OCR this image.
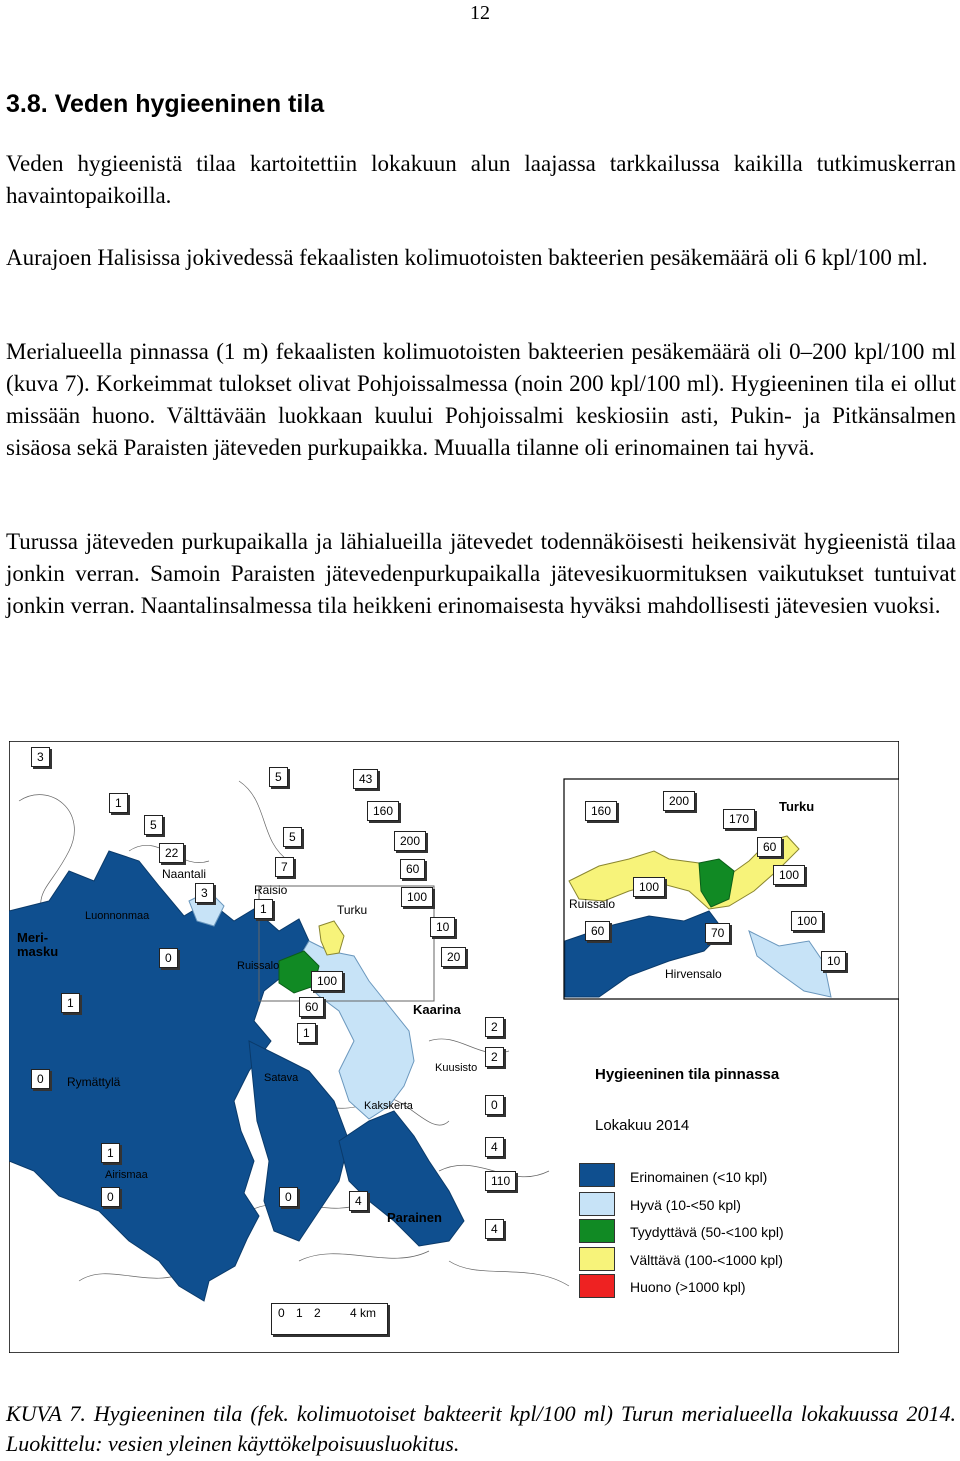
12
3.8. Veden hygieeninen tila

Veden hygieenistä tilaa kartoitettiin lokakuun alun laajassa tarkkailussa kaikilla tutkimuskerran havaintopaikoilla.

Aurajoen Halisissa jokivedessä fekaalisten kolimuotoisten bakteerien pesäkemäärä oli 6 kpl/100 ml.

Merialueella pinnassa (1 m) fekaalisten kolimuotoisten bakteerien pesäkemäärä oli 0–200 kpl/100 ml (kuva 7). Korkeimmat tulokset olivat Pohjoissalmessa (noin 200 kpl/100 ml). Hygieeninen tila ei ollut missään huono. Välttävään luokkaan kuului Pohjoissalmi keskiosiin asti, Pukin- ja Pitkänsalmen sisäosa sekä Paraisten jäteveden purkupaikka. Muualla tilanne oli erinomainen tai hyvä.

Turussa jäteveden purkupaikalla ja lähialueilla jätevedet todennäköisesti heikensivät hygieenistä tilaa jonkin verran. Samoin Paraisten jätevedenpurkupaikalla jätevesikuormituksen vaikutukset tuntuivat jonkin verran. Naantalinsalmessa tila heikkeni erinomaisesta hyväksi mahdollisesti jätevesien vuoksi.

Meri-
masku
Luonnonmaa
Naantali
Raisio
Turku
Ruissalo
Kaarina
Rymättylä	Satava
Kuusisto
Kakskerta
Airismaa
Parainen
Ruissalo
Turku
Hirvensalo
3
5	43
1
5
160
22
5	200
7	60
3
1
100
10
0	20
100
1	60
1	2
2
0
0
4
1
0	0	4
110
4
160
200
170
60
100
100
60	70
100
10
Hygieeninen tila pinnassa
Lokakuu 2014
Erinomainen (<10 kpl)
Hyvä (10-<50 kpl)
Tyydyttävä (50-<100 kpl)
Välttävä (100-<1000 kpl)
Huono (>1000 kpl)
0 1 2 4 km

KUVA 7. Hygieeninen tila (fek. kolimuotoiset bakteerit kpl/100 ml) Turun merialueella lokakuussa 2014. Luokittelu: vesien yleinen käyttökelpoisuusluokitus.
